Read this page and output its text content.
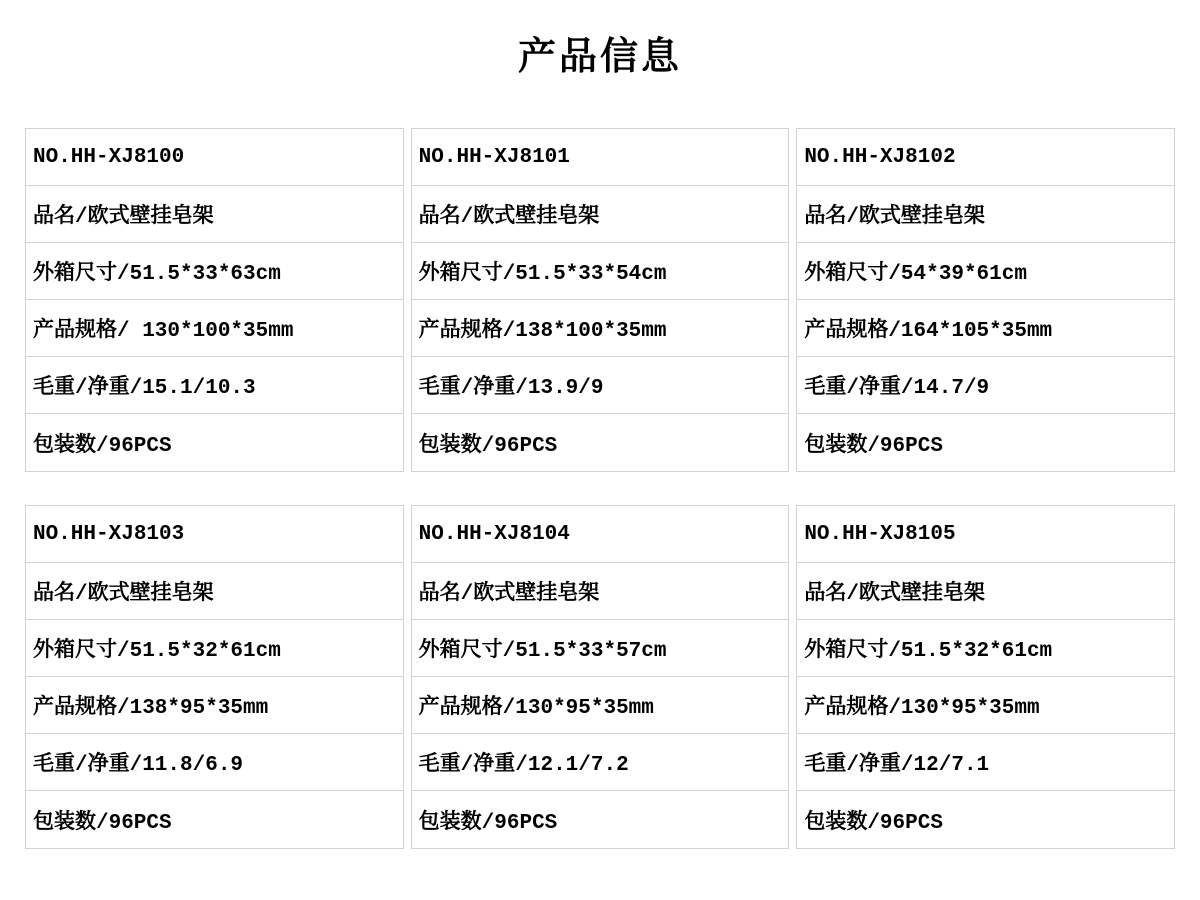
产品信息
NO.HH-XJ8100
品名/欧式壁挂皂架
外箱尺寸/51.5*33*63cm
产品规格/ 130*100*35mm
毛重/净重/15.1/10.3
包装数/96PCS
NO.HH-XJ8101
品名/欧式壁挂皂架
外箱尺寸/51.5*33*54cm
产品规格/138*100*35mm
毛重/净重/13.9/9
包装数/96PCS
NO.HH-XJ8102
品名/欧式壁挂皂架
外箱尺寸/54*39*61cm
产品规格/164*105*35mm
毛重/净重/14.7/9
包装数/96PCS
NO.HH-XJ8103
品名/欧式壁挂皂架
外箱尺寸/51.5*32*61cm
产品规格/138*95*35mm
毛重/净重/11.8/6.9
包装数/96PCS
NO.HH-XJ8104
品名/欧式壁挂皂架
外箱尺寸/51.5*33*57cm
产品规格/130*95*35mm
毛重/净重/12.1/7.2
包装数/96PCS
NO.HH-XJ8105
品名/欧式壁挂皂架
外箱尺寸/51.5*32*61cm
产品规格/130*95*35mm
毛重/净重/12/7.1
包装数/96PCS
